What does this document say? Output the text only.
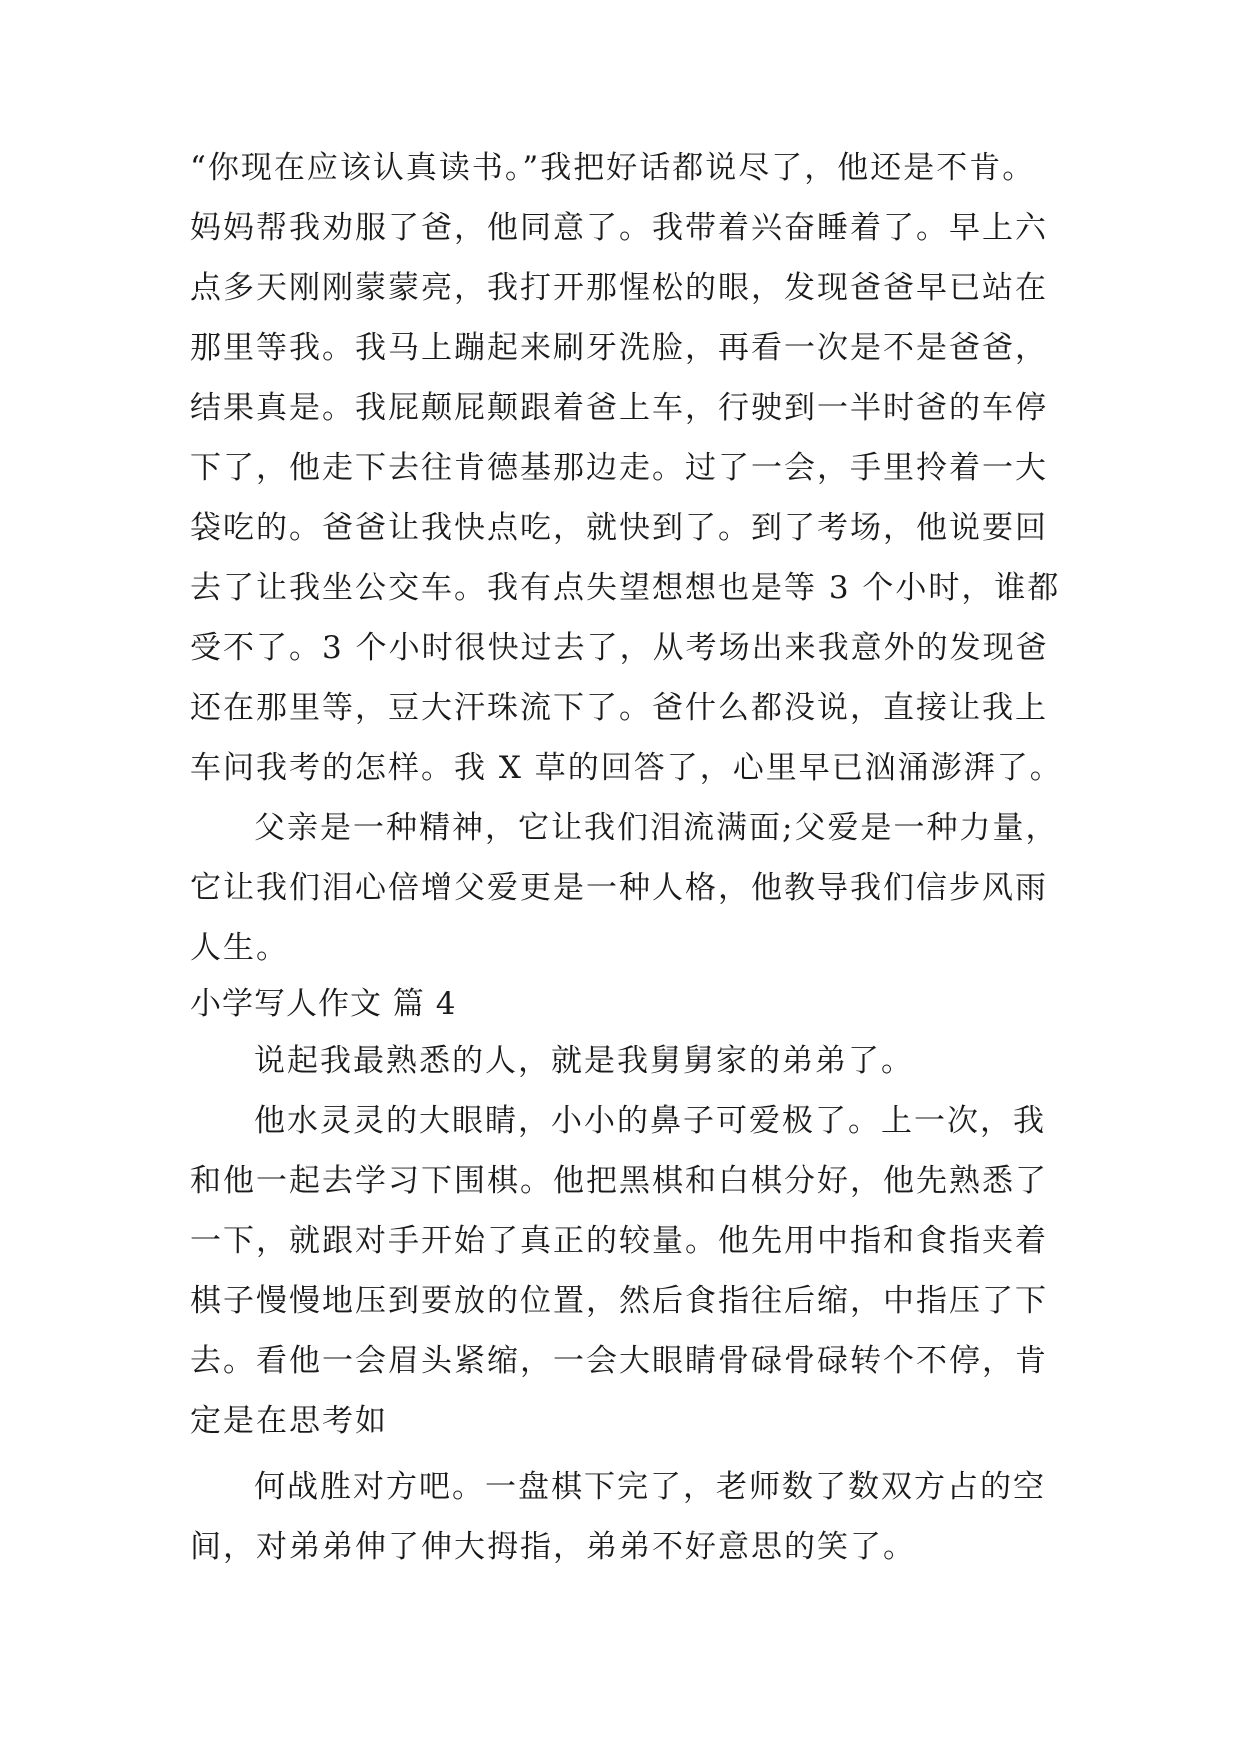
“你现在应该认真读书。”我把好话都说尽了，他还是不肯。
妈妈帮我劝服了爸，他同意了。我带着兴奋睡着了。早上六
点多天刚刚蒙蒙亮，我打开那惺松的眼，发现爸爸早已站在
那里等我。我马上蹦起来刷牙洗脸，再看一次是不是爸爸，
结果真是。我屁颠屁颠跟着爸上车，行驶到一半时爸的车停
下了，他走下去往肯德基那边走。过了一会，手里拎着一大
袋吃的。爸爸让我快点吃，就快到了。到了考场，他说要回
去了让我坐公交车。我有点失望想想也是等 3 个小时，谁都
受不了。3 个小时很快过去了，从考场出来我意外的发现爸
还在那里等，豆大汗珠流下了。爸什么都没说，直接让我上
车问我考的怎样。我 X 草的回答了，心里早已汹涌澎湃了。
父亲是一种精神，它让我们泪流满面;父爱是一种力量，
它让我们泪心倍增父爱更是一种人格，他教导我们信步风雨
人生。
小学写人作文 篇 4
说起我最熟悉的人，就是我舅舅家的弟弟了。
他水灵灵的大眼睛，小小的鼻子可爱极了。上一次，我
和他一起去学习下围棋。他把黑棋和白棋分好，他先熟悉了
一下，就跟对手开始了真正的较量。他先用中指和食指夹着
棋子慢慢地压到要放的位置，然后食指往后缩，中指压了下
去。看他一会眉头紧缩，一会大眼睛骨碌骨碌转个不停，肯
定是在思考如
何战胜对方吧。一盘棋下完了，老师数了数双方占的空
间，对弟弟伸了伸大拇指，弟弟不好意思的笑了。
